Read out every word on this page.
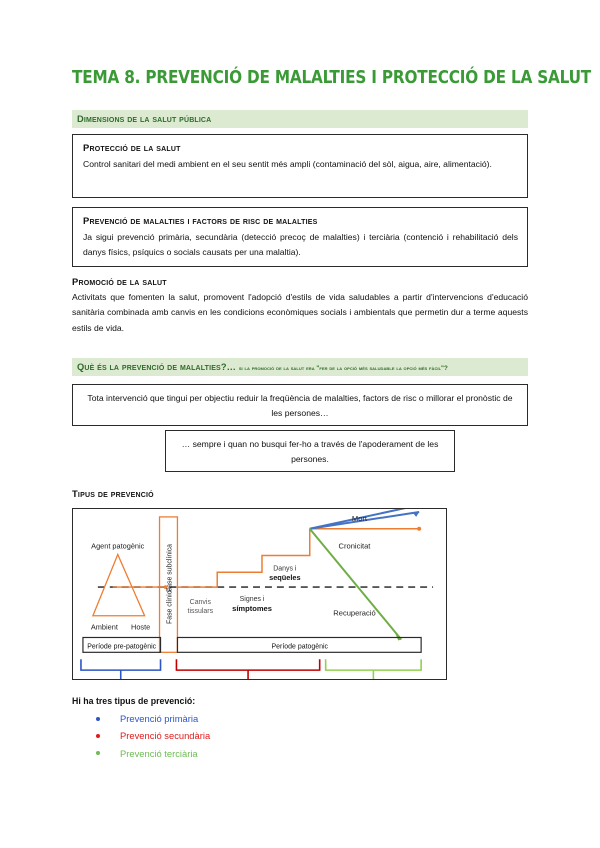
TEMA 8. PREVENCIÓ DE MALALTIES I PROTECCIÓ DE LA SALUT
Dimensions de la salut pública
Protecció de la salut
Control sanitari del medi ambient en el seu sentit més ampli (contaminació del sòl, aigua, aire, alimentació).
Prevenció de malalties i factors de risc de malalties
Ja sigui prevenció primària, secundària (detecció precoç de malalties) i terciària (contenció i rehabilitació dels danys físics, psíquics o socials causats per una malaltia).
Promoció de la salut
Activitats que fomenten la salut, promovent l'adopció d'estils de vida saludables a partir d'intervencions d'educació sanitària combinada amb canvis en les condicions econòmiques socials i ambientals que permetin dur a terme aquests estils de vida.
Què és la prevenció de malalties?… si la promoció de la salut era "fer de la opció més saludable la opció més fàcil"?
Tota intervenció que tingui per objectiu reduir la freqüència de malalties, factors de risc o millorar el pronòstic de les persones…
… sempre i quan no busqui fer-ho a través de l'apoderament de les persones.
Tipus de prevenció
Agent patogènic
Ambient Hoste
Fase clínica
Fase subclínica
Canvis
tissulars
Signes i
símptomes
Danys i
seqüeles
Mort
Cronicitat
Recuperació
Període pre-patogènic	Període patogènic
Hi ha tres tipus de prevenció:
Prevenció primària
Prevenció secundària
Prevenció terciària
